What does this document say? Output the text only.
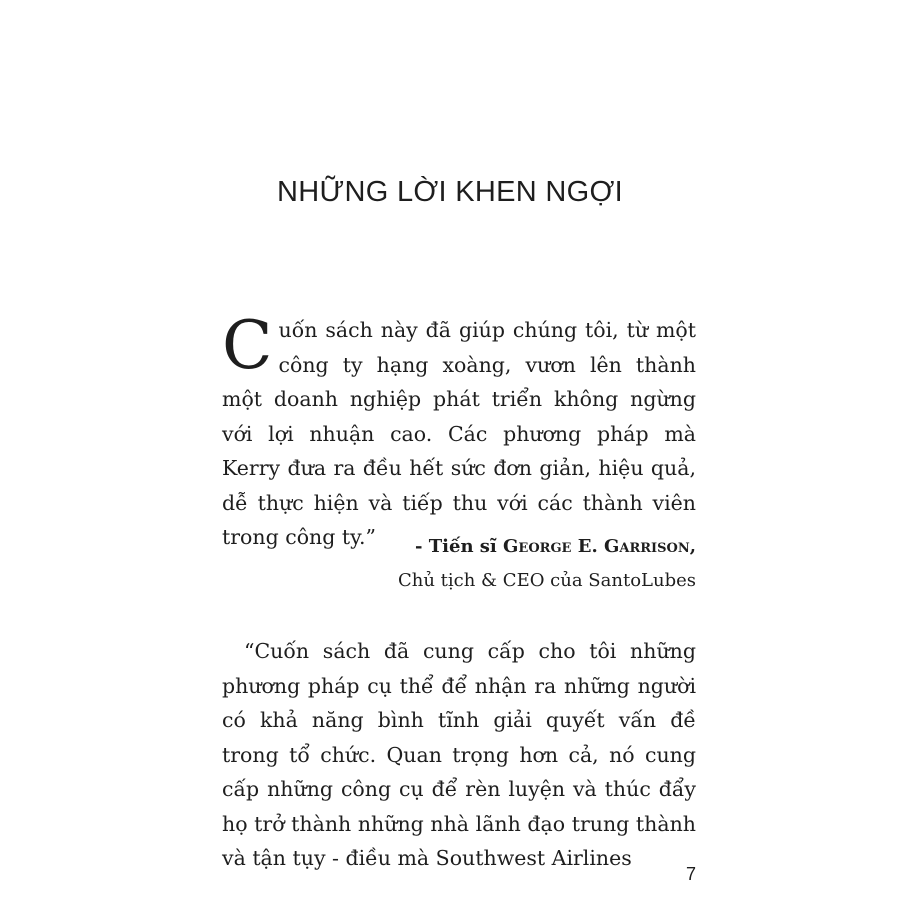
NHỮNG LỜI KHEN NGỢI
C uốn sách này đã giúp chúng tôi, từ một công ty hạng xoàng, vươn lên thành một doanh nghiệp phát triển không ngừng với lợi nhuận cao. Các phương pháp mà Kerry đưa ra đều hết sức đơn giản, hiệu quả, dễ thực hiện và tiếp thu với các thành viên trong công ty.”	- Tiến sĩ George E. Garrison,
Chủ tịch & CEO của SantoLubes
“Cuốn sách đã cung cấp cho tôi những phương pháp cụ thể để nhận ra những người có khả năng bình tĩnh giải quyết vấn đề trong tổ chức. Quan trọng hơn cả, nó cung cấp những công cụ để rèn luyện và thúc đẩy họ trở thành những nhà lãnh đạo trung thành và tận tụy - điều mà Southwest Airlines
7
